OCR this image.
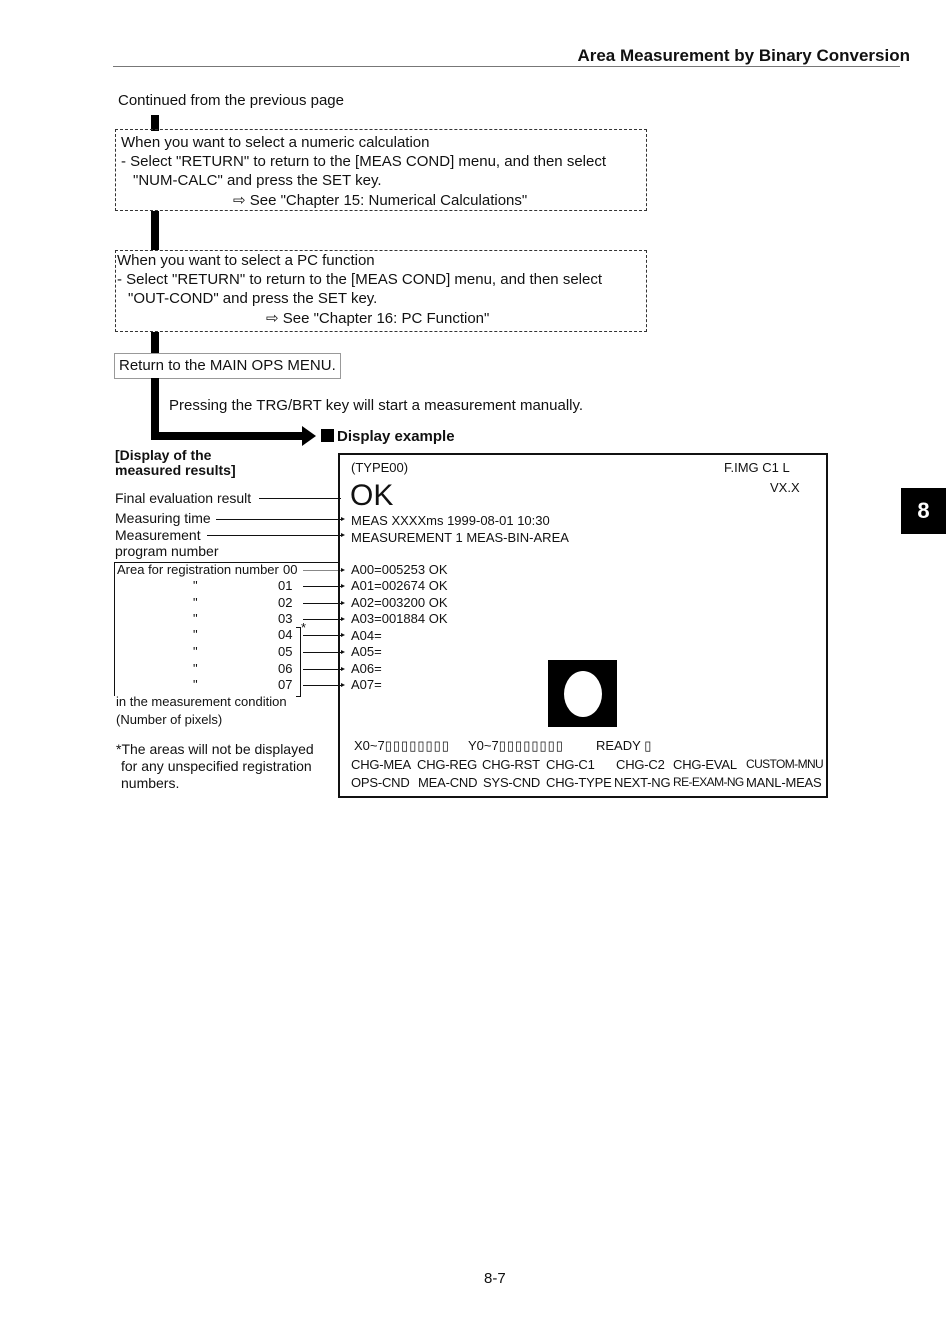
Area Measurement by Binary Conversion
8
Continued from the previous page
When you want to select a numeric calculation
- Select "RETURN" to return to the [MEAS COND] menu, and then select
"NUM-CALC" and press the SET key.
⇨ See "Chapter 15: Numerical Calculations"
When you want to select a PC function
- Select "RETURN" to return to the [MEAS COND] menu, and then select
"OUT-COND" and press the SET key.
⇨ See "Chapter 16: PC Function"
Return to the MAIN OPS MENU.
Pressing the TRG/BRT key will start a measurement manually.
Display example
[Display of the
measured results]
Final evaluation result
Measuring time
Measurement
program number
Area for registration number 00
"	01
"	02
"	03
"	04
"	05
"	06
"	07
*
in the measurement condition
(Number of pixels)
*The areas will not be displayed
for any unspecified registration
numbers.
(TYPE00)	F.IMG C1 L
VX.X
OK
MEAS XXXXms 1999-08-01 10:30
MEASUREMENT 1 MEAS-BIN-AREA
A00=005253 OK
A01=002674 OK
A02=003200 OK
A03=001884 OK
A04=
A05=
A06=
A07=
X0~7▯▯▯▯▯▯▯▯ Y0~7▯▯▯▯▯▯▯▯ READY ▯
CHG-MEA CHG-REG CHG-RST CHG-C1 CHG-C2 CHG-EVAL CUSTOM-MNU
OPS-CND MEA-CND SYS-CND CHG-TYPE NEXT-NG RE-EXAM-NG MANL-MEAS
8-7
